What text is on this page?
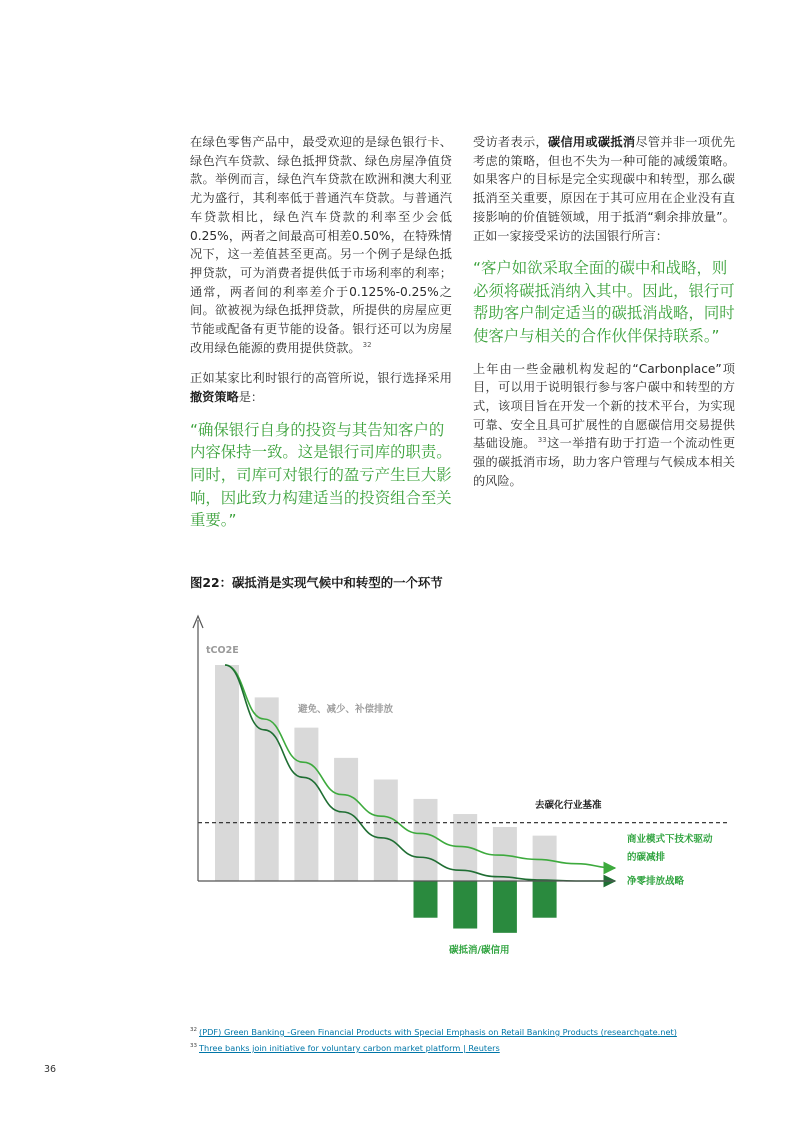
在绿色零售产品中，最受欢迎的是绿色银行卡、绿色汽车贷款、绿色抵押贷款、绿色房屋净值贷款。举例而言，绿色汽车贷款在欧洲和澳大利亚尤为盛行，其利率低于普通汽车贷款。与普通汽车贷款相比，绿色汽车贷款的利率至少会低0.25%，两者之间最高可相差0.50%，在特殊情况下，这一差值甚至更高。另一个例子是绿色抵押贷款，可为消费者提供低于市场利率的利率；通常，两者间的利率差介于0.125%-0.25%之间。欲被视为绿色抵押贷款，所提供的房屋应更节能或配备有更节能的设备。银行还可以为房屋改用绿色能源的费用提供贷款。 $^{32}$

正如某家比利时银行的高管所说，银行选择采用撤资策略是：

“确保银行自身的投资与其告知客户的内容保持一致。这是银行司库的职责。同时，司库可对银行的盈亏产生巨大影响，因此致力构建适当的投资组合至关重要。”

受访者表示，碳信用或碳抵消尽管并非一项优先考虑的策略，但也不失为一种可能的减缓策略。如果客户的目标是完全实现碳中和转型，那么碳抵消至关重要，原因在于其可应用在企业没有直接影响的价值链领域，用于抵消“剩余排放量”。正如一家接受采访的法国银行所言：

“客户如欲采取全面的碳中和战略，则必须将碳抵消纳入其中。因此，银行可帮助客户制定适当的碳抵消战略，同时使客户与相关的合作伙伴保持联系。”

上年由一些金融机构发起的“Carbonplace”项目，可以用于说明银行参与客户碳中和转型的方式，该项目旨在开发一个新的技术平台，为实现可靠、安全且具可扩展性的自愿碳信用交易提供基础设施。 $^{33}$这一举措有助于打造一个流动性更强的碳抵消市场，助力客户管理与气候成本相关的风险。

图22：碳抵消是实现气候中和转型的一个环节
tCO2E
避免、减少、补偿排放
去碳化行业基准
商业模式下技术驱动
的碳减排
净零排放战略
碳抵消/碳信用
$^{32}$ (PDF) Green Banking -Green Financial Products with Special Emphasis on Retail Banking Products (researchgate.net)
$^{33}$ Three banks join initiative for voluntary carbon market platform | Reuters
36
